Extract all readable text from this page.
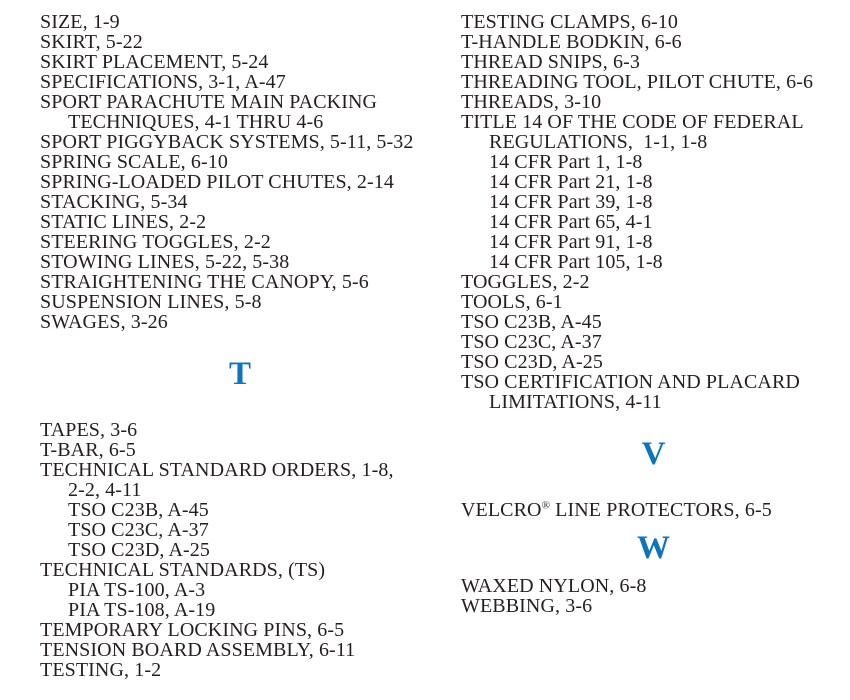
SIZE, 1-9
SKIRT, 5-22
SKIRT PLACEMENT, 5-24
SPECIFICATIONS, 3-1, A-47
SPORT PARACHUTE MAIN PACKING
TECHNIQUES, 4-1 THRU 4-6
SPORT PIGGYBACK SYSTEMS, 5-11, 5-32
SPRING SCALE, 6-10
SPRING-LOADED PILOT CHUTES, 2-14
STACKING, 5-34
STATIC LINES, 2-2
STEERING TOGGLES, 2-2
STOWING LINES, 5-22, 5-38
STRAIGHTENING THE CANOPY, 5-6
SUSPENSION LINES, 5-8
SWAGES, 3-26
T
TAPES, 3-6
T-BAR, 6-5
TECHNICAL STANDARD ORDERS, 1-8,
2-2, 4-11
TSO C23B, A-45
TSO C23C, A-37
TSO C23D, A-25
TECHNICAL STANDARDS, (TS)
PIA TS-100, A-3
PIA TS-108, A-19
TEMPORARY LOCKING PINS, 6-5
TENSION BOARD ASSEMBLY, 6-11
TESTING, 1-2
TESTING CLAMPS, 6-10
T-HANDLE BODKIN, 6-6
THREAD SNIPS, 6-3
THREADING TOOL, PILOT CHUTE, 6-6
THREADS, 3-10
TITLE 14 OF THE CODE OF FEDERAL
REGULATIONS,  1-1, 1-8
14 CFR Part 1, 1-8
14 CFR Part 21, 1-8
14 CFR Part 39, 1-8
14 CFR Part 65, 4-1
14 CFR Part 91, 1-8
14 CFR Part 105, 1-8
TOGGLES, 2-2
TOOLS, 6-1
TSO C23B, A-45
TSO C23C, A-37
TSO C23D, A-25
TSO CERTIFICATION AND PLACARD
LIMITATIONS, 4-11
V
VELCRO® LINE PROTECTORS, 6-5
W
WAXED NYLON, 6-8
WEBBING, 3-6
